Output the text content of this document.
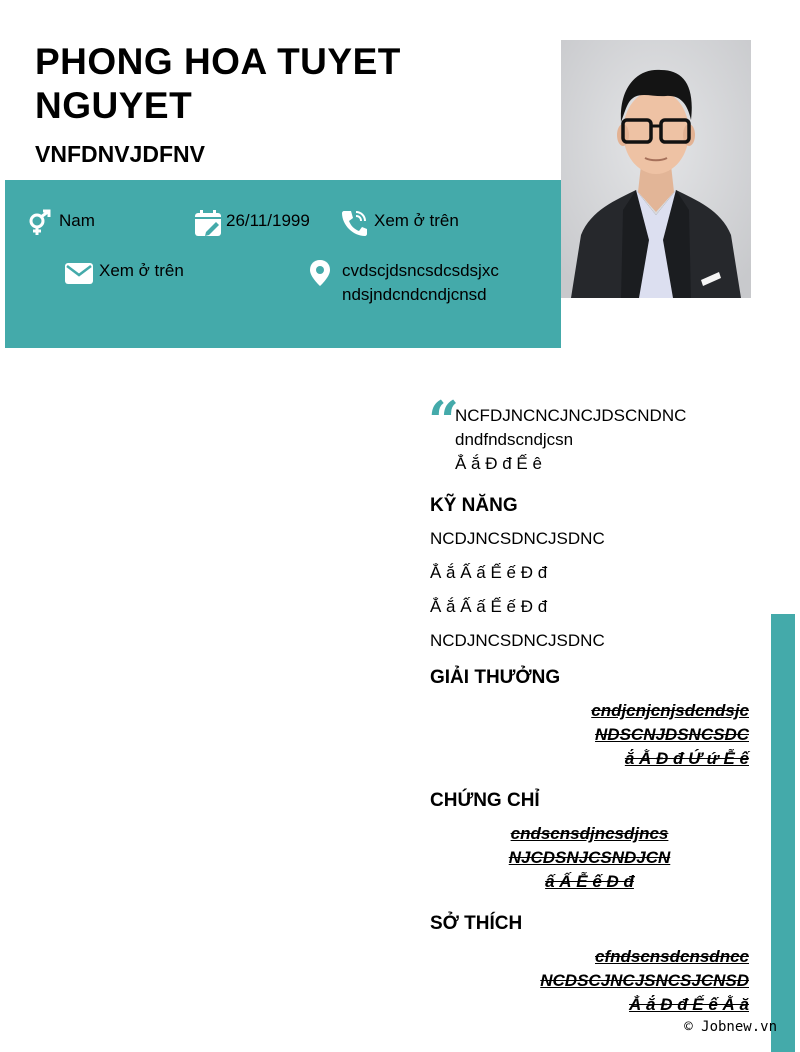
PHONG HOA TUYET NGUYET
VNFDNVJDFNV
Nam	26/11/1999	Xem ở trên
Xem ở trên	cvdscjdsncsdcsdsjxc
ndsjndcndcndjcnsd
“
NCFDJNCNCJNCJDSCNDNC
dndfndscndjcsn
Ẳ ắ Đ đ Ế ê
KỸ NĂNG
NCDJNCSDNCJSDNC
Ẳ ắ Ấ ấ Ế ế Đ đ
Ẳ ắ Ấ ấ Ế ế Đ đ
NCDJNCSDNCJSDNC
GIẢI THƯỞNG
cndjcnjcnjsdcndsjc
NDSCNJDSNCSDC
ắ Ằ Đ đ Ứ ứ Ễ ế
CHỨNG CHỈ
cndscnsdjncsdjncs
NJCDSNJCSNDJCN
ấ Ấ Ễ ế Đ đ
SỞ THÍCH
cfndscnsdcnsdncc
NCDSCJNCJSNCSJCNSD
Ẳ ắ Đ đ Ế ế Ằ ă
© Jobnew.vn
